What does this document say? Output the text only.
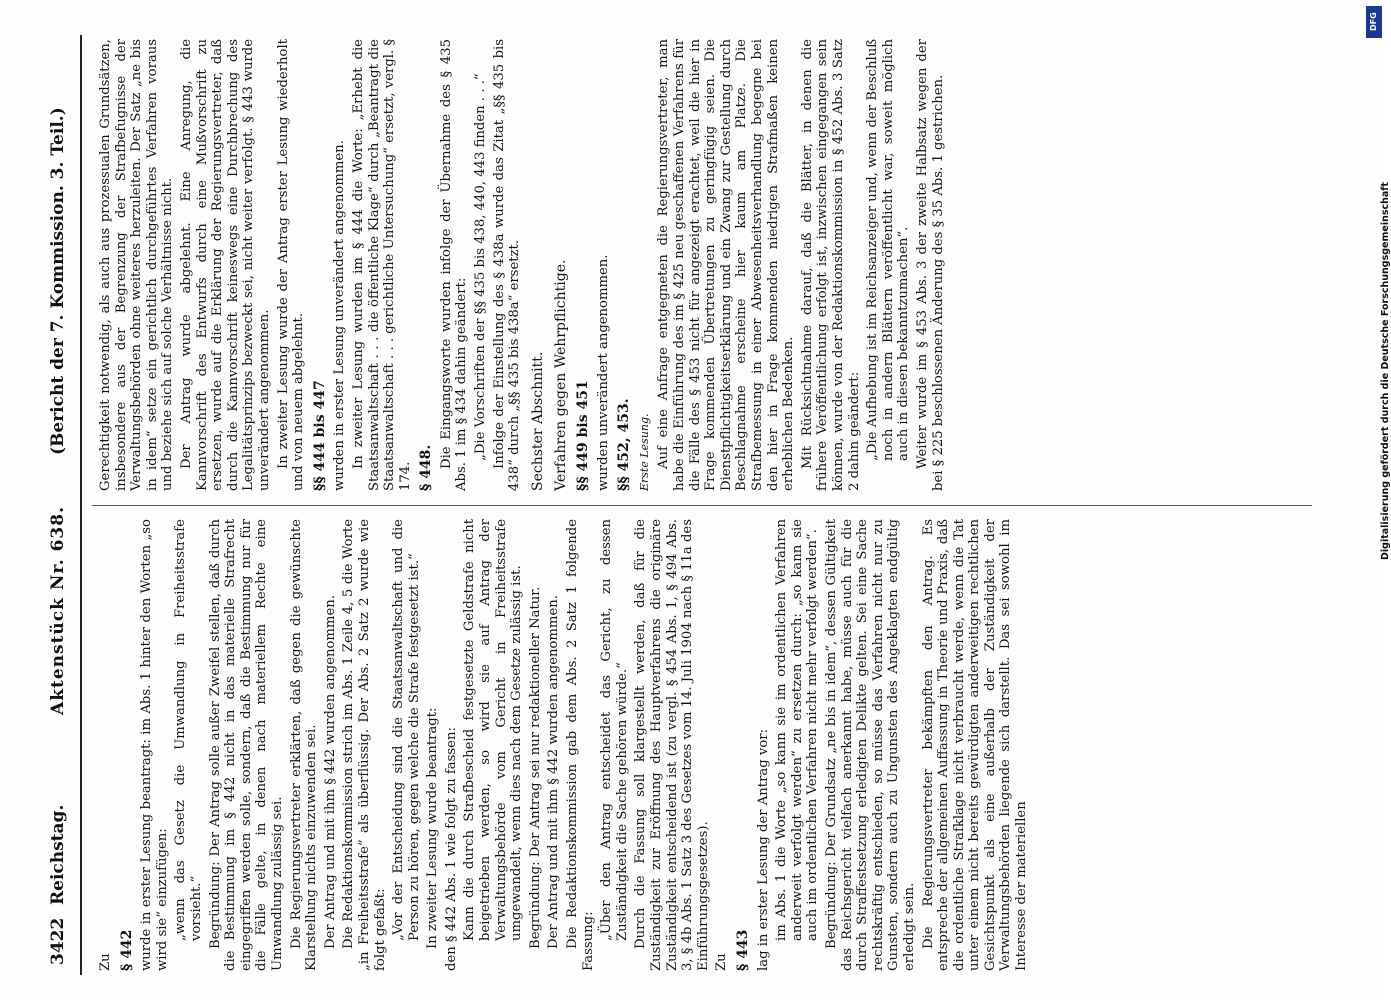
3422
Reichstag.
Aktenstück Nr. 638.
(Bericht der 7. Kommission. 3. Teil.)

Zu § 442 wurde in erster Lesung beantragt: im Abs. 1 hinter den Worten „so wird sie“ einzufügen: „wenn das Gesetz die Umwandlung in Freiheitsstrafe vorsieht.“ Begründung: Der Antrag solle außer Zweifel stellen, daß durch die Bestimmung im § 442 nicht in das materielle Strafrecht eingegriffen werden solle, sondern, daß die Bestimmung nur für die Fälle gelte, in denen nach materiellem Rechte eine Umwandlung zulässig sei. Die Regierungsvertreter erklärten, daß gegen die gewünschte Klarstellung nichts einzuwenden sei. Der Antrag und mit ihm § 442 wurden angenommen. Die Redaktionskommission strich im Abs. 1 Zeile 4, 5 die Worte „in Freiheitsstrafe“ als überflüssig. Der Abs. 2 Satz 2 wurde wie folgt gefaßt: „Vor der Entscheidung sind die Staatsanwaltschaft und die Person zu hören, gegen welche die Strafe festgesetzt ist.“ In zweiter Lesung wurde beantragt: den § 442 Abs. 1 wie folgt zu fassen: Kann die durch Strafbescheid festgesetzte Geldstrafe nicht beigetrieben werden, so wird sie auf Antrag der Verwaltungsbehörde vom Gericht in Freiheitsstrafe umgewandelt, wenn dies nach dem Gesetze zulässig ist. Begründung: Der Antrag sei nur redaktioneller Natur. Der Antrag und mit ihm § 442 wurden angenommen. Die Redaktionskommission gab dem Abs. 2 Satz 1 folgende Fassung:

„Über den Antrag entscheidet das Gericht, zu dessen Zuständigkeit die Sache gehören würde.“ Durch die Fassung soll klargestellt werden, daß für die Zuständigkeit zur Eröffnung des Hauptverfahrens die originäre Zuständigkeit entscheidend ist (zu vergl. § 454 Abs. 1, § 494 Abs. 3, § 4b Abs. 1 Satz 3 des Gesetzes vom 14. Juli 1904 nach § 11a des Einführungsgesetzes). Zu § 443 lag in erster Lesung der Antrag vor: im Abs. 1 die Worte „so kann sie im ordentlichen Verfahren anderweit verfolgt werden“ zu ersetzen durch: „so kann sie auch im ordentlichen Verfahren nicht mehr verfolgt werden“. Begründung: Der Grundsatz „ne bis in idem“, dessen Gültigkeit das Reichsgericht vielfach anerkannt habe, müsse auch für die durch Straffestsetzung erledigten Delikte gelten. Sei eine Sache rechtskräftig entschieden, so müsse das Verfahren nicht nur zu Gunsten, sondern auch zu Ungunsten des Angeklagten endgültig erledigt sein. Die Regierungsvertreter bekämpften den Antrag. Es entspreche der allgemeinen Auffassung in Theorie und Praxis, daß die ordentliche Strafklage nicht verbraucht werde, wenn die Tat unter einem nicht bereits gewürdigten anderweitigen rechtlichen Gesichtspunkt als eine außerhalb der Zuständigkeit der Verwaltungsbehörden liegende sich darstellt. Das sei sowohl im Interesse der materiellen

Gerechtigkeit notwendig, als auch aus prozessualen Grundsätzen, insbesondere aus der Begrenzung der Strafbefugnisse der Verwaltungsbehörden ohne weiteres herzuleiten. Der Satz „ne bis in idem“ setze ein gerichtlich durchgeführtes Verfahren voraus und beziehe sich auf solche Verhältnisse nicht. Der Antrag wurde abgelehnt. Eine Anregung, die Kannvorschrift des Entwurfs durch eine Mußvorschrift zu ersetzen, wurde auf die Erklärung der Regierungsvertreter, daß durch die Kannvorschrift keineswegs eine Durchbrechung des Legalitätsprinzips bezweckt sei, nicht weiter verfolgt. § 443 wurde unverändert angenommen. In zweiter Lesung wurde der Antrag erster Lesung wiederholt und von neuem abgelehnt. §§ 444 bis 447 wurden in erster Lesung unverändert angenommen. In zweiter Lesung wurden im § 444 die Worte: „Erhebt die Staatsanwaltschaft . . . die öffentliche Klage“ durch „Beantragt die Staatsanwaltschaft . . . gerichtliche Untersuchung“ ersetzt, vergl. § 174. § 448. Die Eingangsworte wurden infolge der Übernahme des § 435 Abs. 1 im § 434 dahin geändert: „Die Vorschriften der §§ 435 bis 438, 440, 443 finden . . .“ Infolge der Einstellung des § 438a wurde das Zitat „§§ 435 bis 438“ durch „§§ 435 bis 438a“ ersetzt. Sechster Abschnitt. Verfahren gegen Wehrpflichtige. §§ 449 bis 451 wurden unverändert angenommen. §§ 452, 453. Erste Lesung. Auf eine Anfrage entgegneten die Regierungsvertreter, man habe die Einführung des im § 425 neu geschaffenen Verfahrens für die Fälle des § 453 nicht für angezeigt erachtet, weil die hier in Frage kommenden Übertretungen zu geringfügig seien. Die Dienstpflichtigkeitserklärung und ein Zwang zur Gestellung durch Beschlagnahme erscheine hier kaum am Platze. Die Strafbemessung in einer Abwesenheitsverhandlung begegne bei den hier in Frage kommenden niedrigen Strafmaßen keinen erheblichen Bedenken. Mit Rücksichtnahme darauf, daß die Blätter, in denen die frühere Veröffentlichung erfolgt ist, inzwischen eingegangen sein können, wurde von der Redaktionskommission in § 452 Abs. 3 Satz 2 dahin geändert: „Die Aufhebung ist im Reichsanzeiger und, wenn der Beschluß noch in andern Blättern veröffentlicht war, soweit möglich auch in diesen bekanntzumachen“. Weiter wurde im § 453 Abs. 3 der zweite Halbsatz wegen der bei § 225 beschlossenen Änderung des § 35 Abs. 1 gestrichen.

DFG
Digitalisierung gefördert durch die Deutsche Forschungsgemeinschaft
